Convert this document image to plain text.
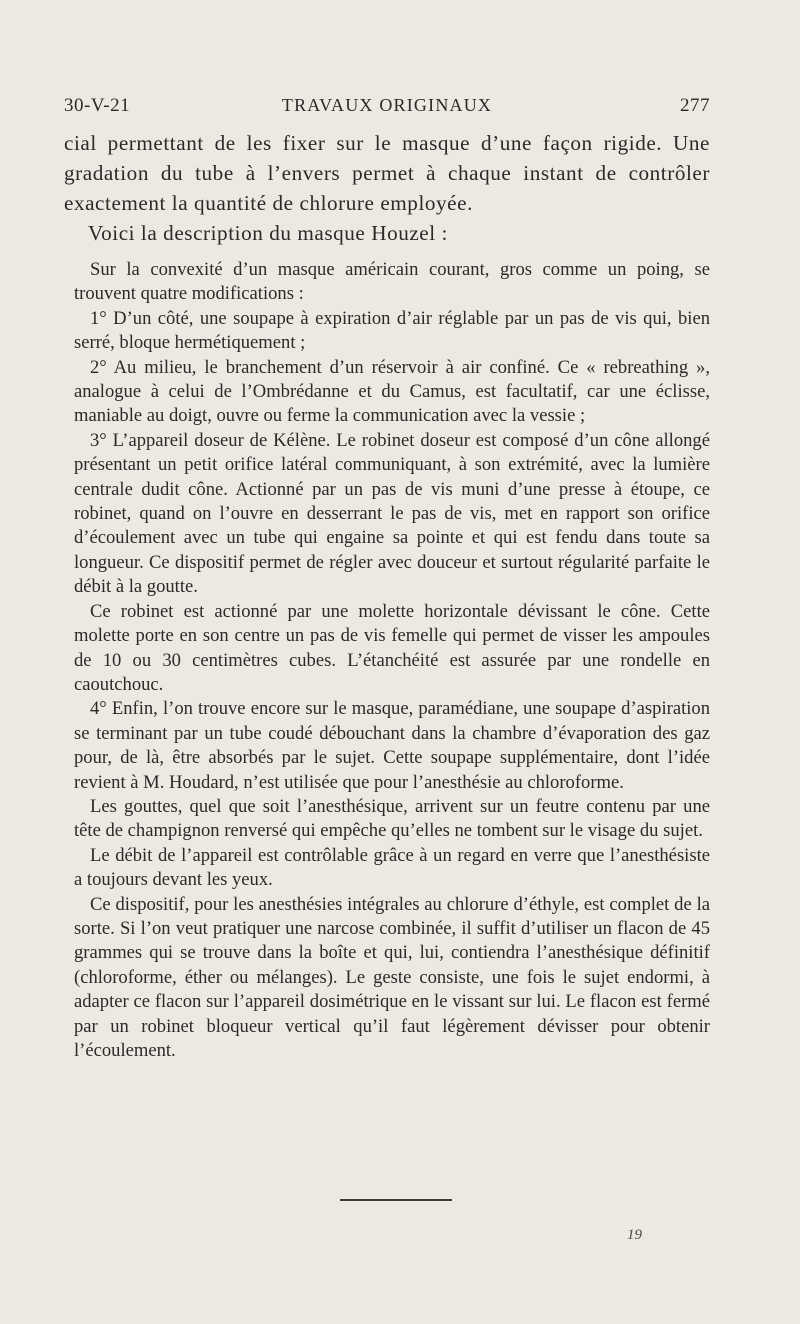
30-V-21	TRAVAUX ORIGINAUX	277

cial permettant de les fixer sur le masque d’une façon rigide. Une gradation du tube à l’envers permet à chaque instant de contrôler exactement la quantité de chlorure employée.

Voici la description du masque Houzel :

Sur la convexité d’un masque américain courant, gros comme un poing, se trouvent quatre modifications :

1° D’un côté, une soupape à expiration d’air réglable par un pas de vis qui, bien serré, bloque hermétiquement ;

2° Au milieu, le branchement d’un réservoir à air confiné. Ce « rebreathing », analogue à celui de l’Ombrédanne et du Camus, est facultatif, car une éclisse, maniable au doigt, ouvre ou ferme la communication avec la vessie ;

3° L’appareil doseur de Kélène. Le robinet doseur est composé d’un cône allongé présentant un petit orifice latéral communiquant, à son extrémité, avec la lumière centrale dudit cône. Actionné par un pas de vis muni d’une presse à étoupe, ce robinet, quand on l’ouvre en desserrant le pas de vis, met en rapport son orifice d’écoulement avec un tube qui engaine sa pointe et qui est fendu dans toute sa longueur. Ce dispositif permet de régler avec douceur et surtout régularité parfaite le débit à la goutte.

Ce robinet est actionné par une molette horizontale dévissant le cône. Cette molette porte en son centre un pas de vis femelle qui permet de visser les ampoules de 10 ou 30 centimètres cubes. L’étanchéité est assurée par une rondelle en caoutchouc.

4° Enfin, l’on trouve encore sur le masque, paramédiane, une soupape d’aspiration se terminant par un tube coudé débouchant dans la chambre d’évaporation des gaz pour, de là, être absorbés par le sujet. Cette soupape supplémentaire, dont l’idée revient à M. Houdard, n’est utilisée que pour l’anesthésie au chloroforme.

Les gouttes, quel que soit l’anesthésique, arrivent sur un feutre contenu par une tête de champignon renversé qui empêche qu’elles ne tombent sur le visage du sujet.

Le débit de l’appareil est contrôlable grâce à un regard en verre que l’anesthésiste a toujours devant les yeux.

Ce dispositif, pour les anesthésies intégrales au chlorure d’éthyle, est complet de la sorte. Si l’on veut pratiquer une narcose combinée, il suffit d’utiliser un flacon de 45 grammes qui se trouve dans la boîte et qui, lui, contiendra l’anesthésique définitif (chloroforme, éther ou mélanges). Le geste consiste, une fois le sujet endormi, à adapter ce flacon sur l’appareil dosimétrique en le vissant sur lui. Le flacon est fermé par un robinet bloqueur vertical qu’il faut légèrement dévisser pour obtenir l’écoulement.

19
